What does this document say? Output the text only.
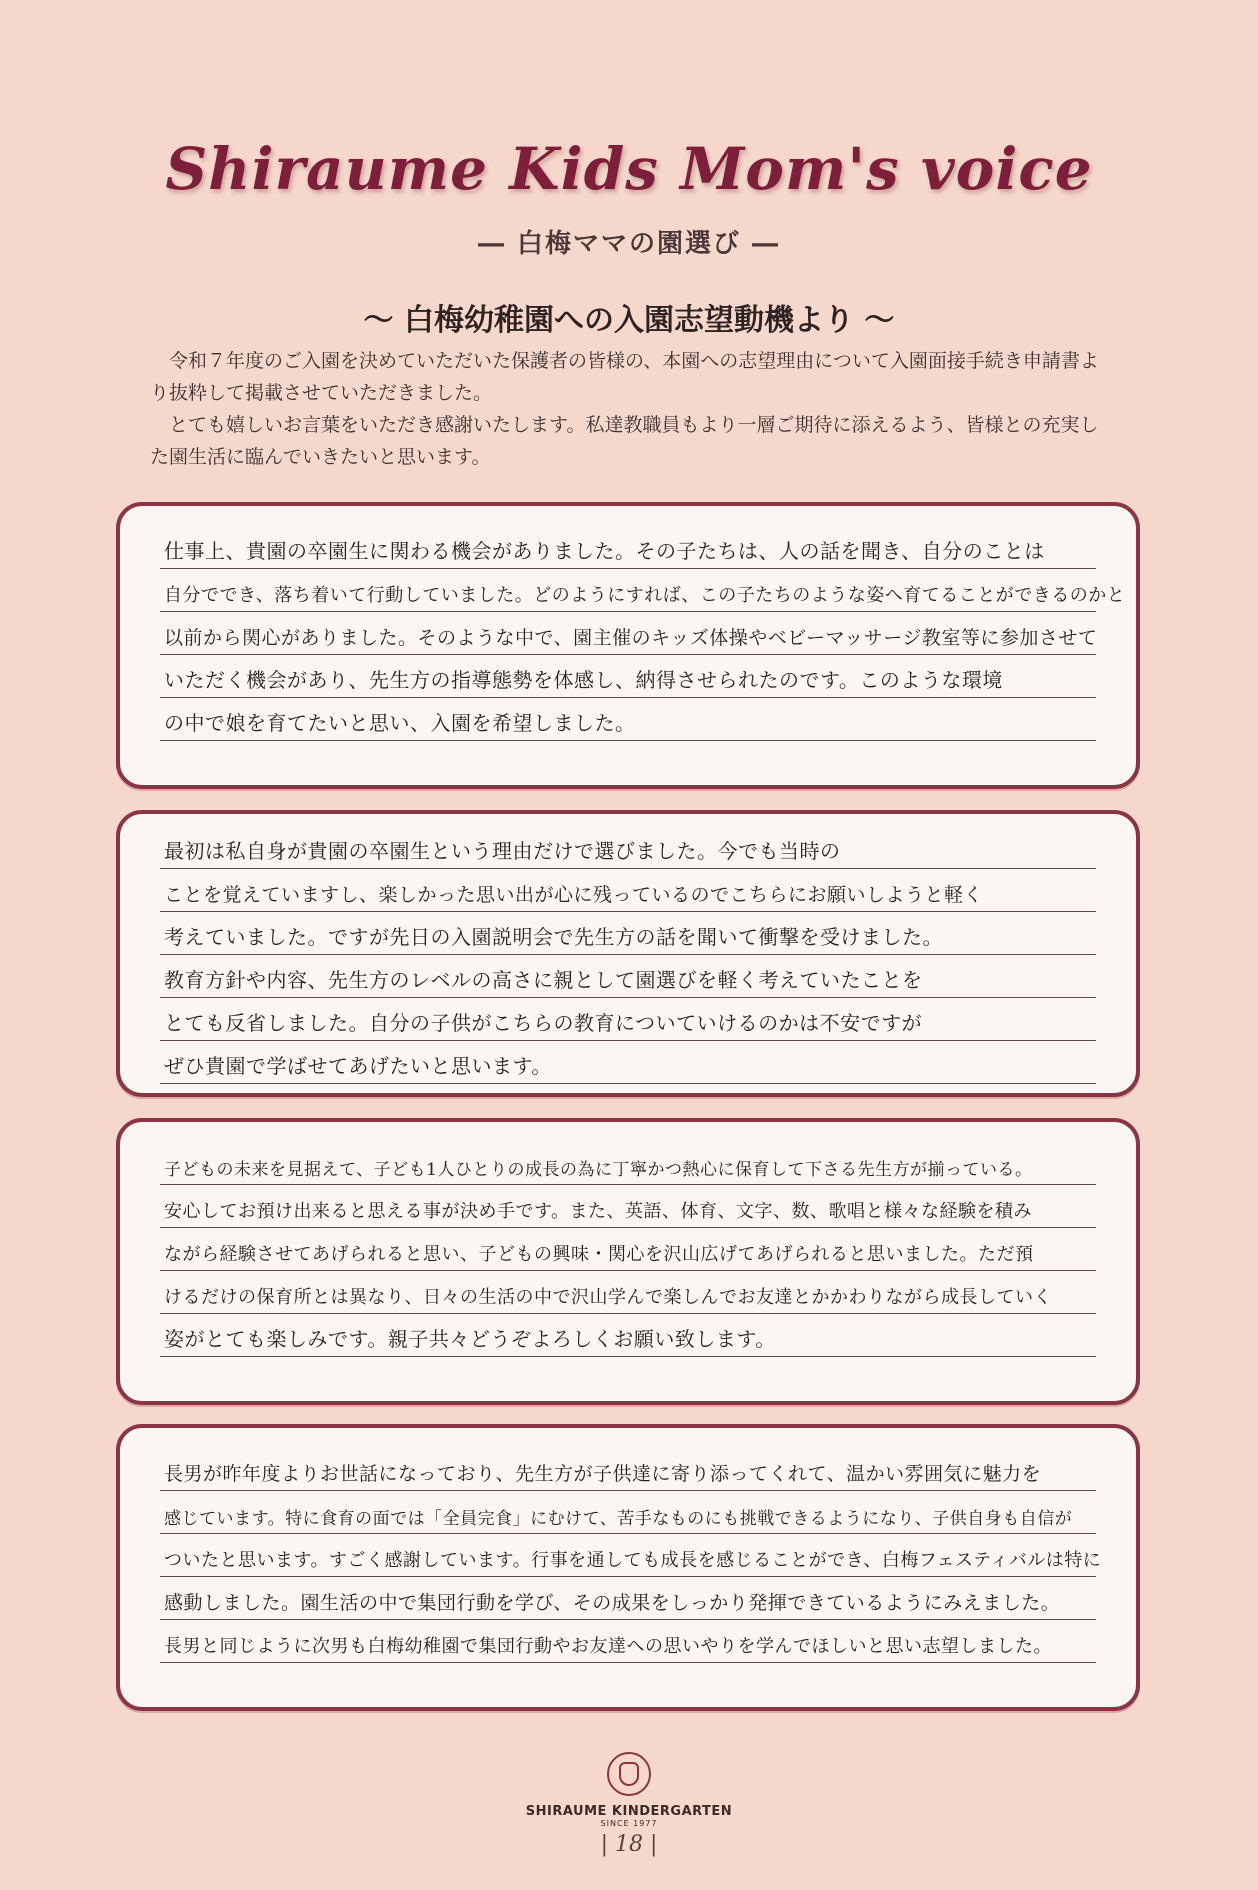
Shiraume Kids Mom's voice
― 白梅ママの園選び ―
〜 白梅幼稚園への入園志望動機より 〜

令和７年度のご入園を決めていただいた保護者の皆様の、本園への志望理由について入園面接手続き申請書より抜粋して掲載させていただきました。

とても嬉しいお言葉をいただき感謝いたします。私達教職員もより一層ご期待に添えるよう、皆様との充実した園生活に臨んでいきたいと思います。

仕事上、貴園の卒園生に関わる機会がありました。その子たちは、人の話を聞き、自分のことは
自分ででき、落ち着いて行動していました。どのようにすれば、この子たちのような姿へ育てることができるのかと
以前から関心がありました。そのような中で、園主催のキッズ体操やベビーマッサージ教室等に参加させて
いただく機会があり、先生方の指導態勢を体感し、納得させられたのです。このような環境
の中で娘を育てたいと思い、入園を希望しました。
最初は私自身が貴園の卒園生という理由だけで選びました。今でも当時の
ことを覚えていますし、楽しかった思い出が心に残っているのでこちらにお願いしようと軽く
考えていました。ですが先日の入園説明会で先生方の話を聞いて衝撃を受けました。
教育方針や内容、先生方のレベルの高さに親として園選びを軽く考えていたことを
とても反省しました。自分の子供がこちらの教育についていけるのかは不安ですが
ぜひ貴園で学ばせてあげたいと思います。
子どもの未来を見据えて、子ども1人ひとりの成長の為に丁寧かつ熱心に保育して下さる先生方が揃っている。
安心してお預け出来ると思える事が決め手です。また、英語、体育、文字、数、歌唱と様々な経験を積み
ながら経験させてあげられると思い、子どもの興味・関心を沢山広げてあげられると思いました。ただ預
けるだけの保育所とは異なり、日々の生活の中で沢山学んで楽しんでお友達とかかわりながら成長していく
姿がとても楽しみです。親子共々どうぞよろしくお願い致します。
長男が昨年度よりお世話になっており、先生方が子供達に寄り添ってくれて、温かい雰囲気に魅力を
感じています。特に食育の面では「全員完食」にむけて、苦手なものにも挑戦できるようになり、子供自身も自信が
ついたと思います。すごく感謝しています。行事を通しても成長を感じることができ、白梅フェスティバルは特に
感動しました。園生活の中で集団行動を学び、その成果をしっかり発揮できているようにみえました。
長男と同じように次男も白梅幼稚園で集団行動やお友達への思いやりを学んでほしいと思い志望しました。
SHIRAUME KINDERGARTEN
SINCE 1977
| 18 |
